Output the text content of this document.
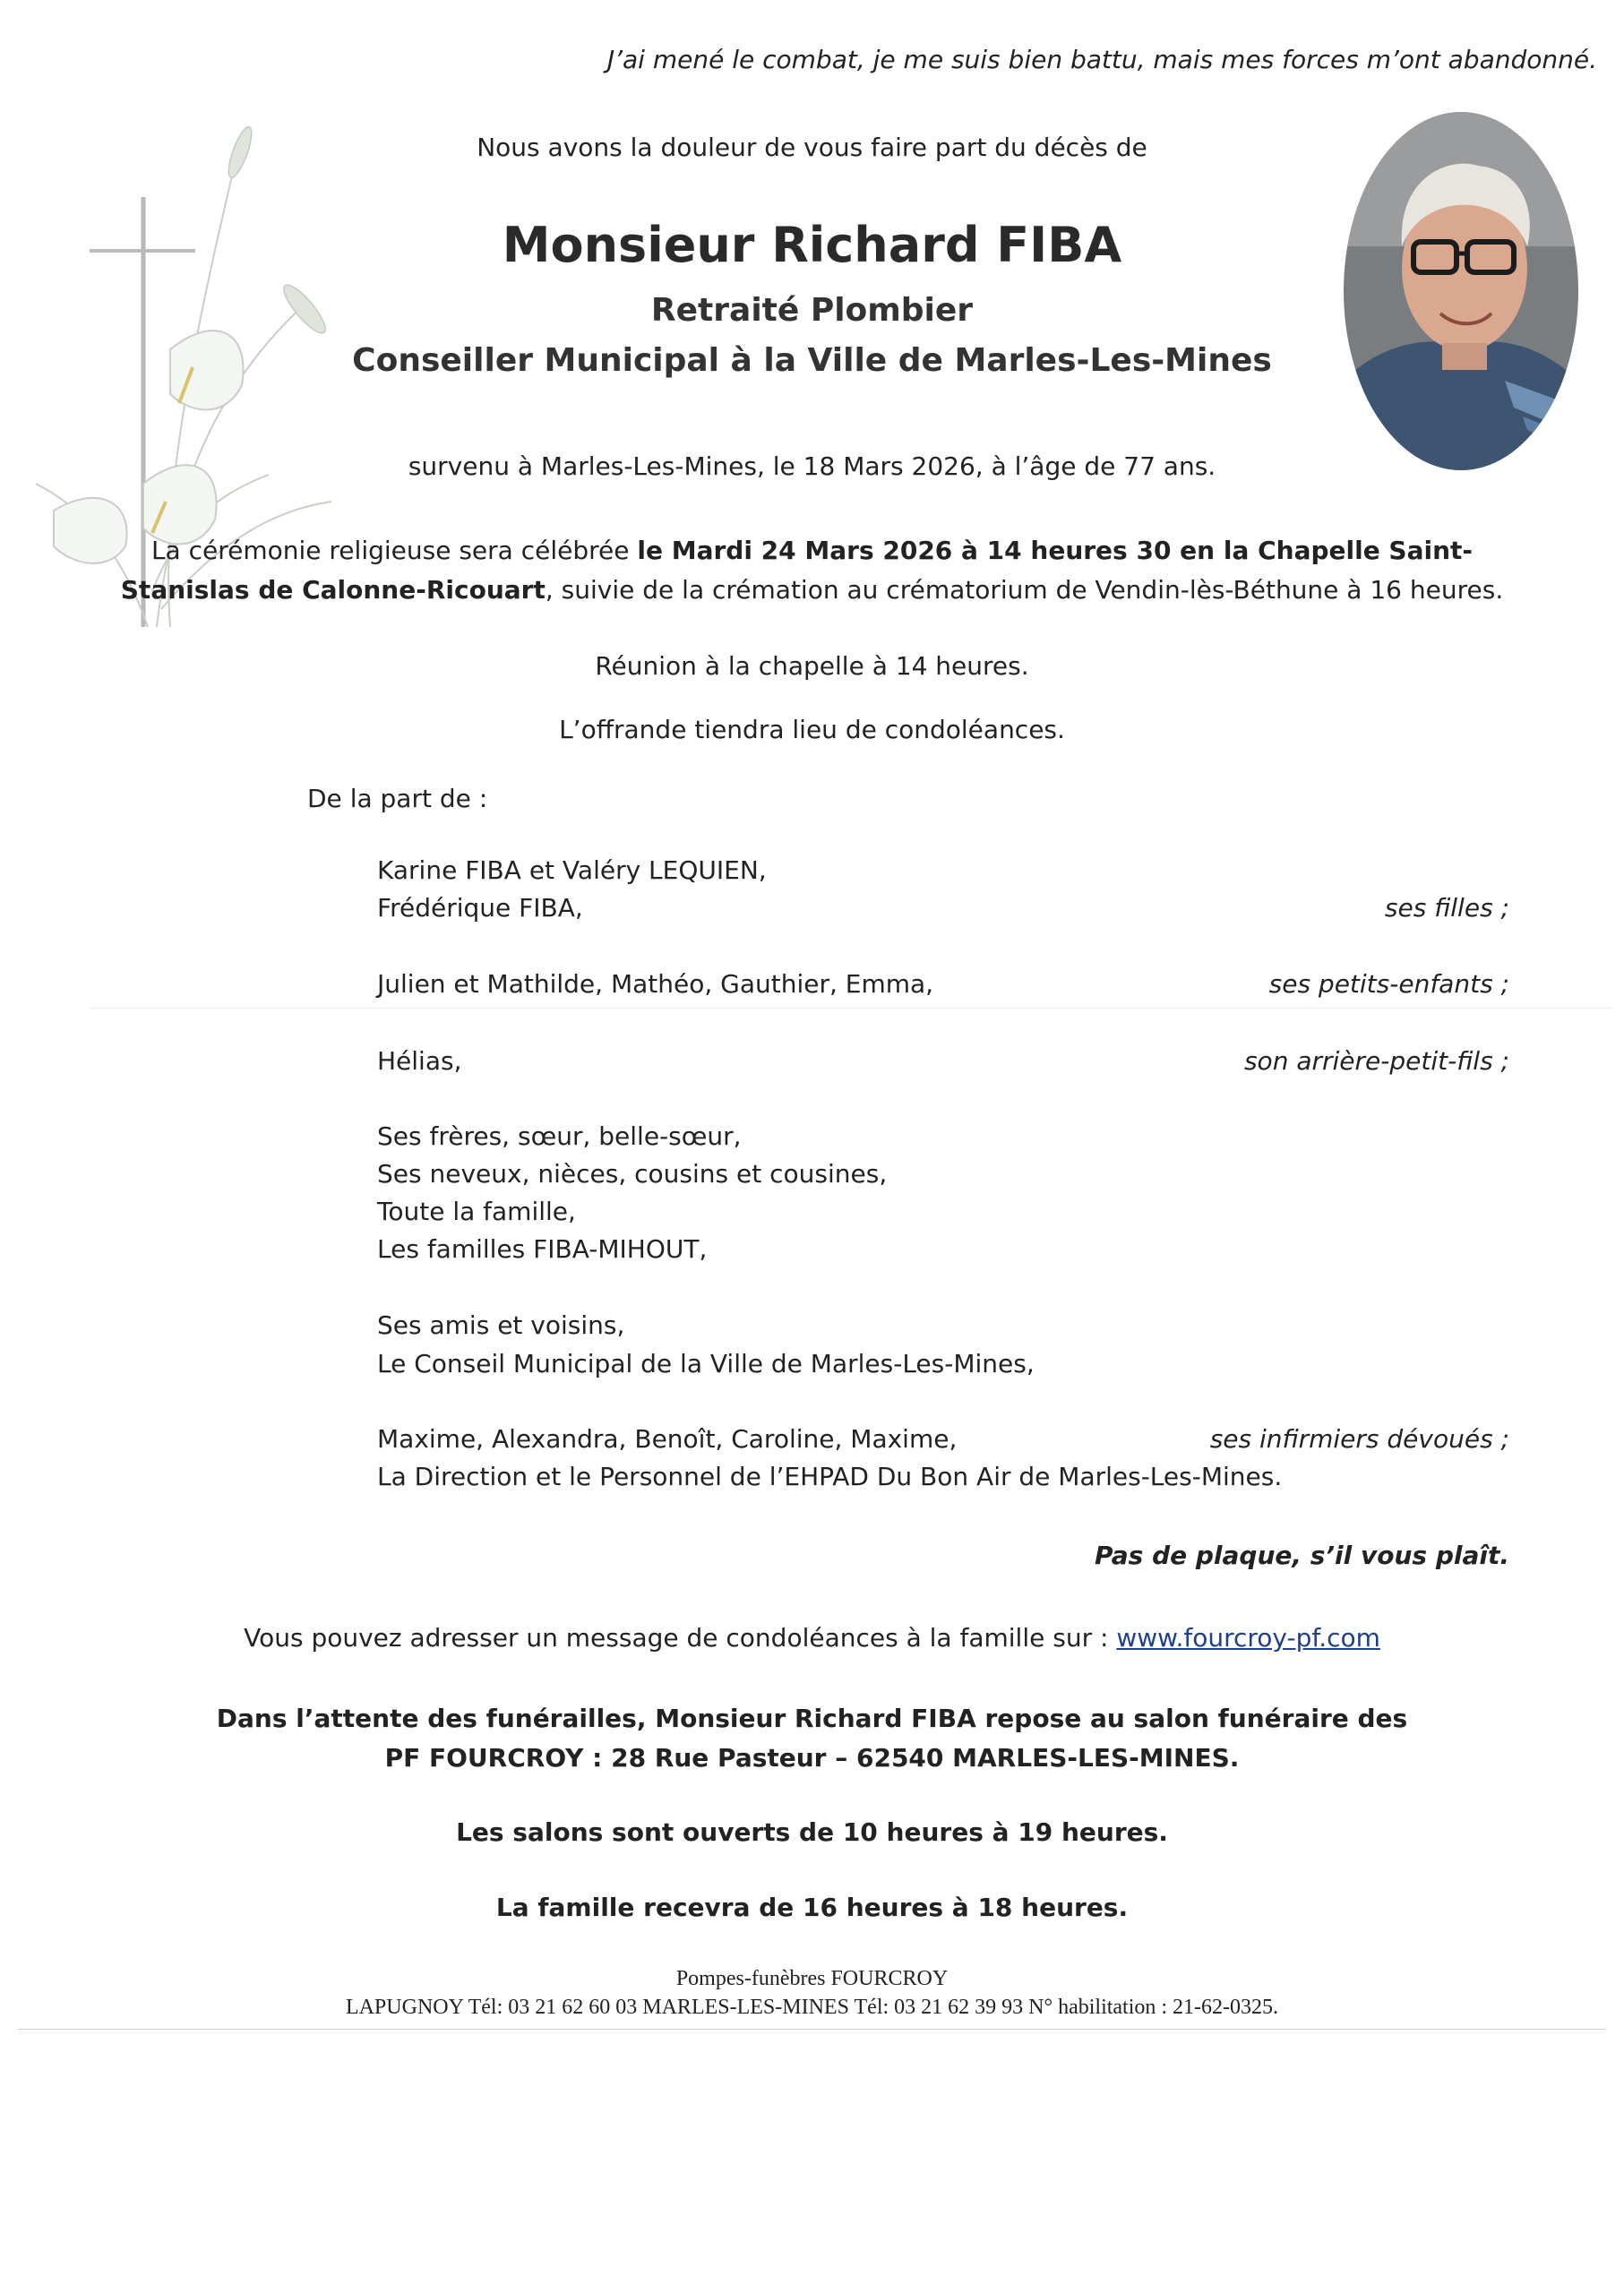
J’ai mené le combat, je me suis bien battu, mais mes forces m’ont abandonné.
Nous avons la douleur de vous faire part du décès de
Monsieur Richard FIBA
Retraité Plombier
Conseiller Municipal à la Ville de Marles-Les-Mines
survenu à Marles-Les-Mines, le 18 Mars 2026, à l’âge de 77 ans.
La cérémonie religieuse sera célébrée le Mardi 24 Mars 2026 à 14 heures 30 en la Chapelle Saint-
Stanislas de Calonne-Ricouart, suivie de la crémation au crématorium de Vendin-lès-Béthune à 16 heures.
Réunion à la chapelle à 14 heures.
L’offrande tiendra lieu de condoléances.
De la part de :
Karine FIBA et Valéry LEQUIEN,
Frédérique FIBA,	ses filles ;
Julien et Mathilde, Mathéo, Gauthier, Emma,	ses petits-enfants ;
Hélias,	son arrière-petit-fils ;
Ses frères, sœur, belle-sœur,
Ses neveux, nièces, cousins et cousines,
Toute la famille,
Les familles FIBA-MIHOUT,
Ses amis et voisins,
Le Conseil Municipal de la Ville de Marles-Les-Mines,
Maxime, Alexandra, Benoît, Caroline, Maxime,	ses infirmiers dévoués ;
La Direction et le Personnel de l’EHPAD Du Bon Air de Marles-Les-Mines.
Pas de plaque, s’il vous plaît.
Vous pouvez adresser un message de condoléances à la famille sur : www.fourcroy-pf.com
Dans l’attente des funérailles, Monsieur Richard FIBA repose au salon funéraire des
PF FOURCROY : 28 Rue Pasteur – 62540 MARLES-LES-MINES.
Les salons sont ouverts de 10 heures à 19 heures.
La famille recevra de 16 heures à 18 heures.
Pompes-funèbres FOURCROY
LAPUGNOY Tél: 03 21 62 60 03 MARLES-LES-MINES Tél: 03 21 62 39 93 N° habilitation : 21-62-0325.
